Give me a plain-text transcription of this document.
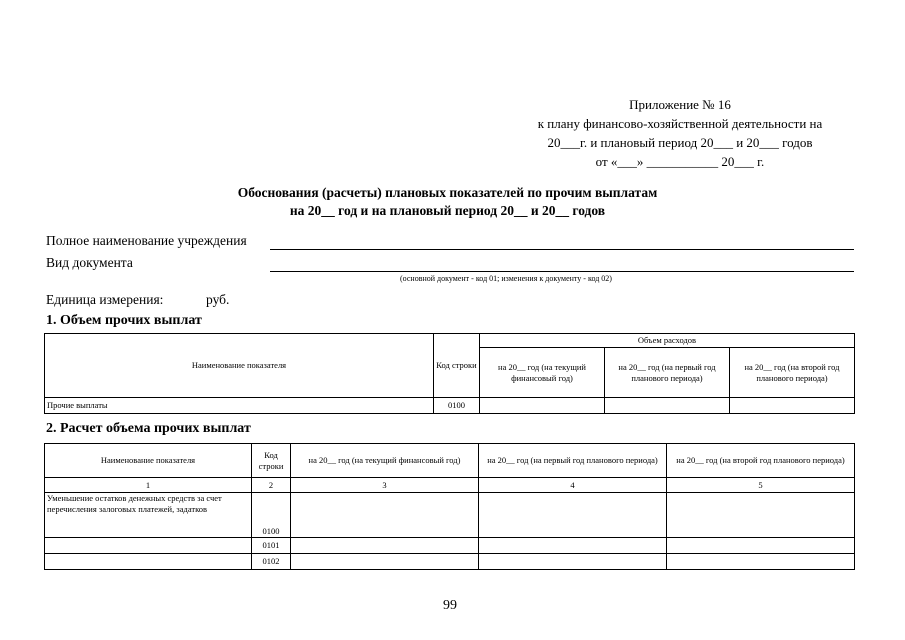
Приложение № 16
к плану финансово-хозяйственной деятельности на
20___г. и плановый период 20___ и 20___ годов
от «___» ___________ 20___ г.
Обоснования (расчеты) плановых показателей по прочим выплатам
на 20__ год и на плановый период 20__ и 20__ годов
Полное наименование учреждения
Вид документа
(основной документ - код 01; изменения к документу - код 02)
Единица измерения:	руб.
1. Объем прочих выплат
Наименование показателя	Код строки	Объем расходов		
		на 20__ год (на текущий финансовый год)	на 20__ год (на первый год планового периода)	на 20__ год (на второй год планового периода)
Прочие выплаты	0100			
2. Расчет объема прочих выплат
Наименование показателя	Код строки	на 20__ год (на текущий финансовый год)	на 20__ год (на первый год планового периода)	на 20__ год (на второй год планового периода)
1	2	3	4	5
Уменьшение остатков денежных средств за счет перечисления залоговых платежей, задатков	0100			
	0101			
	0102			
99
